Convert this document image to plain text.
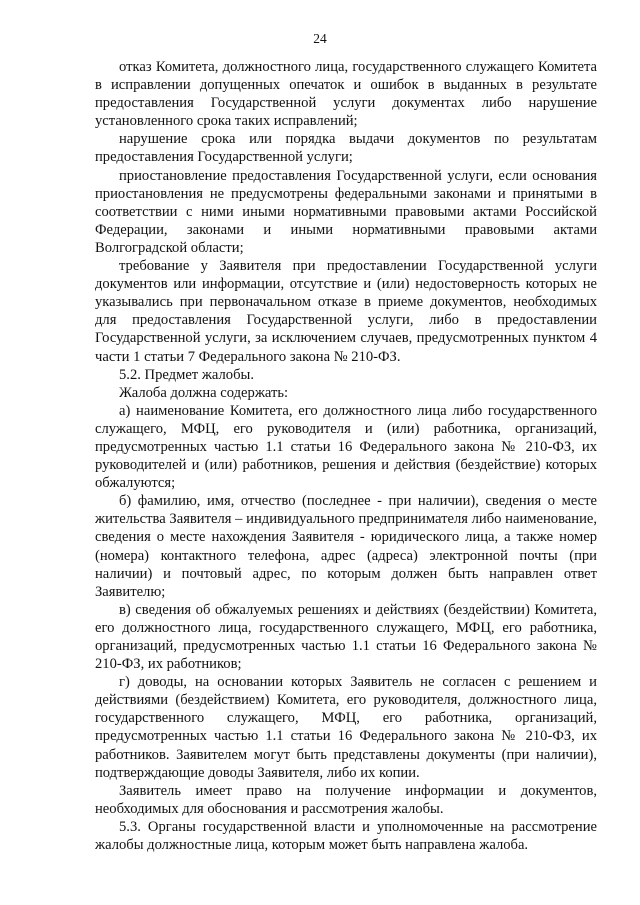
24

отказ Комитета, должностного лица, государственного служащего Комитета в исправлении допущенных опечаток и ошибок в выданных в результате предоставления Государственной услуги документах либо нарушение установленного срока таких исправлений;

нарушение срока или порядка выдачи документов по результатам предоставления Государственной услуги;

приостановление предоставления Государственной услуги, если основания приостановления не предусмотрены федеральными законами и принятыми в соответствии с ними иными нормативными правовыми актами Российской Федерации, законами и иными нормативными правовыми актами Волгоградской области;

требование у Заявителя при предоставлении Государственной услуги документов или информации, отсутствие и (или) недостоверность которых не указывались при первоначальном отказе в приеме документов, необходимых для предоставления Государственной услуги, либо в предоставлении Государственной услуги, за исключением случаев, предусмотренных пунктом 4 части 1 статьи 7 Федерального закона № 210-ФЗ.

5.2. Предмет жалобы.

Жалоба должна содержать:

а) наименование Комитета, его должностного лица либо государственного служащего, МФЦ, его руководителя и (или) работника, организаций, предусмотренных частью 1.1 статьи 16 Федерального закона № 210-ФЗ, их руководителей и (или) работников, решения и действия (бездействие) которых обжалуются;

б) фамилию, имя, отчество (последнее - при наличии), сведения о месте жительства Заявителя – индивидуального предпринимателя либо наименование, сведения о месте нахождения Заявителя - юридического лица, а также номер (номера) контактного телефона, адрес (адреса) электронной почты (при наличии) и почтовый адрес, по которым должен быть направлен ответ Заявителю;

в) сведения об обжалуемых решениях и действиях (бездействии) Комитета, его должностного лица, государственного служащего, МФЦ, его работника, организаций, предусмотренных частью 1.1 статьи 16 Федерального закона № 210-ФЗ, их работников;

г) доводы, на основании которых Заявитель не согласен с решением и действиями (бездействием) Комитета, его руководителя, должностного лица, государственного служащего, МФЦ, его работника, организаций, предусмотренных частью 1.1 статьи 16 Федерального закона № 210-ФЗ, их работников. Заявителем могут быть представлены документы (при наличии), подтверждающие доводы Заявителя, либо их копии.

Заявитель имеет право на получение информации и документов, необходимых для обоснования и рассмотрения жалобы.

5.3. Органы государственной власти и уполномоченные на рассмотрение жалобы должностные лица, которым может быть направлена жалоба.
